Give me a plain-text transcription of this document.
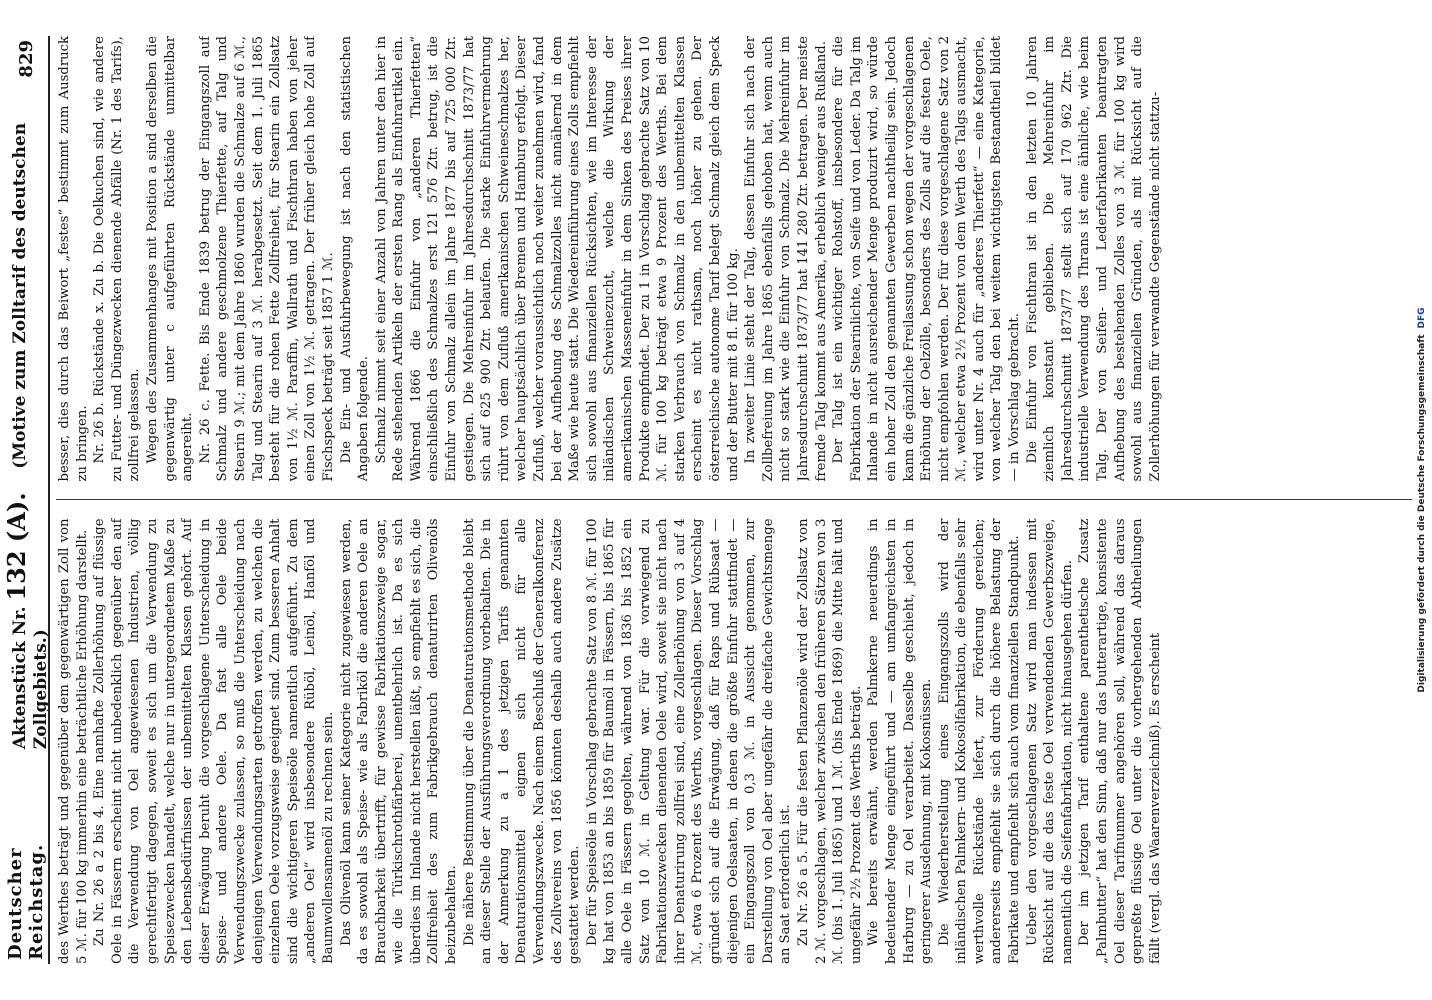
Deutscher Reichstag.
Aktenstück Nr. 132 (A).    (Motive zum Zolltarif des deutschen Zollgebiets.)
829

des Werthes beträgt und gegenüber dem gegenwärtigen Zoll von 5 ℳ. für 100 kg immerhin eine beträchtliche Erhöhung darstellt. Zu Nr. 26 a 2 bis 4. Eine namhafte Zollerhöhung auf flüssige Oele in Fässern erscheint nicht unbedenklich gegenüber den auf die Verwendung von Oel angewiesenen Industrien, völlig gerechtfertigt dagegen, soweit es sich um die Verwendung zu Speisezwecken handelt, welche nur in untergeordnetem Maße zu den Lebensbedürfnissen der unbemittelten Klassen gehört. Auf dieser Erwägung beruht die vorgeschlagene Unterscheidung in Speise- und andere Oele. Da fast alle Oele beide Verwendungszwecke zulassen, so muß die Unterscheidung nach denjenigen Verwendungsarten getroffen werden, zu welchen die einzelnen Oele vorzugsweise geeignet sind. Zum besseren Anhalt sind die wichtigeren Speiseöle namentlich aufgeführt. Zu dem „anderen Oel“ wird insbesondere Rüböl, Leinöl, Hanföl und Baumwollensamenöl zu rechnen sein. Das Olivenöl kann seiner Kategorie nicht zugewiesen werden, da es sowohl als Speise- wie als Fabriköl die anderen Oele an Brauchbarkeit übertrifft, für gewisse Fabrikationszweige sogar, wie die Türkischrothfärberei, unentbehrlich ist. Da es sich überdies im Inlande nicht herstellen läßt, so empfiehlt es sich, die Zollfreiheit des zum Fabrikgebrauch denaturirten Olivenöls beizubehalten. Die nähere Bestimmung über die Denaturationsmethode bleibt an dieser Stelle der Ausführungsverordnung vorbehalten. Die in der Anmerkung zu a 1 des jetzigen Tarifs genannten Denaturationsmittel eignen sich nicht für alle Verwendungszwecke. Nach einem Beschluß der Generalkonferenz des Zollvereins von 1856 könnten deshalb auch andere Zusätze gestattet werden. Der für Speiseöle in Vorschlag gebrachte Satz von 8 ℳ. für 100 kg hat von 1853 an bis 1859 für Baumöl in Fässern, bis 1865 für alle Oele in Fässern gegolten, während von 1836 bis 1852 ein Satz von 10 ℳ. in Geltung war. Für die vorwiegend zu Fabrikationszwecken dienenden Oele wird, soweit sie nicht nach ihrer Denaturirung zollfrei sind, eine Zollerhöhung von 3 auf 4 ℳ., etwa 6 Prozent des Werths, vorgeschlagen. Dieser Vorschlag gründet sich auf die Erwägung, daß für Raps und Rübsaat — diejenigen Oelsaaten, in denen die größte Einfuhr stattfindet — ein Eingangszoll von 0,3 ℳ. in Aussicht genommen, zur Darstellung von Oel aber ungefähr die dreifache Gewichtsmenge an Saat erforderlich ist. Zu Nr. 26 a 5. Für die festen Pflanzenöle wird der Zollsatz von 2 ℳ. vorgeschlagen, welcher zwischen den früheren Sätzen von 3 ℳ. (bis 1. Juli 1865) und 1 ℳ. (bis Ende 1869) die Mitte hält und ungefähr 2½ Prozent des Werths beträgt. Wie bereits erwähnt, werden Palmkerne neuerdings in bedeutender Menge eingeführt und — am umfangreichsten in Harburg — zu Oel verarbeitet. Dasselbe geschieht, jedoch in geringerer Ausdehnung, mit Kokosnüssen. Die Wiederherstellung eines Eingangszolls wird der inländischen Palmkern- und Kokosölfabrikation, die ebenfalls sehr werthvolle Rückstände liefert, zur Förderung gereichen; andererseits empfiehlt sie sich durch die höhere Belastung der Fabrikate und empfiehlt sich auch vom finanziellen Standpunkt. Ueber den vorgeschlagenen Satz wird man indessen mit Rücksicht auf die das feste Oel verwendenden Gewerbszweige, namentlich die Seifenfabrikation, nicht hinausgehen dürfen. Der im jetzigen Tarif enthaltene parenthetische Zusatz „Palmbutter“ hat den Sinn, daß nur das butterartige, konsistente Oel dieser Tarifnummer angehören soll, während das daraus gepreßte flüssige Oel unter die vorhergehenden Abtheilungen fällt (vergl. das Waarenverzeichniß). Es erscheint

besser, dies durch das Beiwort „festes“ bestimmt zum Ausdruck zu bringen. Nr. 26 b. Rückstände x. Zu b. Die Oelkuchen sind, wie andere zu Futter- und Düngezwecken dienende Abfälle (Nr. 1 des Tarifs), zollfrei gelassen. Wegen des Zusammenhanges mit Position a sind derselben die gegenwärtig unter c aufgeführten Rückstände unmittelbar angereiht. Nr. 26 c. Fette. Bis Ende 1839 betrug der Eingangszoll auf Schmalz und andere geschmolzene Thierfette, auf Talg und Stearin 9 ℳ.; mit dem Jahre 1860 wurden die Schmalze auf 6 ℳ., Talg und Stearin auf 3 ℳ. herabgesetzt. Seit dem 1. Juli 1865 besteht für die rohen Fette Zollfreiheit, für Stearin ein Zollsatz von 1½ ℳ. Paraffin, Wallrath und Fischthran haben von jeher einen Zoll von 1½ ℳ. getragen. Der früher gleich hohe Zoll auf Fischspeck beträgt seit 1857 1 ℳ. Die Ein- und Ausfuhrbewegung ist nach den statistischen Angaben folgende. Schmalz nimmt seit einer Anzahl von Jahren unter den hier in Rede stehenden Artikeln der ersten Rang als Einfuhrartikel ein. Während 1866 die Einfuhr von „anderen Thierfetten“ einschließlich des Schmalzes erst 121 576 Ztr. betrug, ist die Einfuhr von Schmalz allein im Jahre 1877 bis auf 725 000 Ztr. gestiegen. Die Mehreinfuhr im Jahresdurchschnitt 1873/77 hat sich auf 625 900 Ztr. belaufen. Die starke Einfuhrvermehrung rührt von dem Zufluß amerikanischen Schweineschmalzes her, welcher hauptsächlich über Bremen und Hamburg erfolgt. Dieser Zufluß, welcher voraussichtlich noch weiter zunehmen wird, fand bei der Aufhebung des Schmalzzolles nicht annähernd in dem Maße wie heute statt. Die Wiedereinführung eines Zolls empfiehlt sich sowohl aus finanziellen Rücksichten, wie im Interesse der inländischen Schweinezucht, welche die Wirkung der amerikanischen Masseneinfuhr in dem Sinken des Preises ihrer Produkte empfindet. Der zu 1 in Vorschlag gebrachte Satz von 10 ℳ. für 100 kg beträgt etwa 9 Prozent des Werths. Bei dem starken Verbrauch von Schmalz in den unbemittelten Klassen erscheint es nicht rathsam, noch höher zu gehen. Der österreichische autonome Tarif belegt Schmalz gleich dem Speck und der Butter mit 8 fl. für 100 kg. In zweiter Linie steht der Talg, dessen Einfuhr sich nach der Zollbefreiung im Jahre 1865 ebenfalls gehoben hat, wenn auch nicht so stark wie die Einfuhr von Schmalz. Die Mehreinfuhr im Jahresdurchschnitt 1873/77 hat 141 280 Ztr. betragen. Der meiste fremde Talg kommt aus Amerika, erheblich weniger aus Rußland. Der Talg ist ein wichtiger Rohstoff, insbesondere für die Fabrikation der Stearinlichte, von Seife und von Leder. Da Talg im Inlande in nicht ausreichender Menge produzirt wird, so würde ein hoher Zoll den genannten Gewerben nachtheilig sein. Jedoch kann die gänzliche Freilassung schon wegen der vorgeschlagenen Erhöhung der Oelzölle, besonders des Zolls auf die festen Oele, nicht empfohlen werden. Der für diese vorgeschlagene Satz von 2 ℳ., welcher etwa 2½ Prozent von dem Werth des Talgs ausmacht, wird unter Nr. 4 auch für „anderes Thierfett“ — eine Kategorie, von welcher Talg den bei weitem wichtigsten Bestandtheil bildet — in Vorschlag gebracht. Die Einfuhr von Fischthran ist in den letzten 10 Jahren ziemlich konstant geblieben. Die Mehreinfuhr im Jahresdurchschnitt 1873/77 stellt sich auf 170 962 Ztr. Die industrielle Verwendung des Thrans ist eine ähnliche, wie beim Talg. Der von Seifen- und Lederfabrikanten beantragten Aufhebung des bestehenden Zolles von 3 ℳ. für 100 kg wird sowohl aus finanziellen Gründen, als mit Rücksicht auf die Zollerhöhungen für verwandte Gegenstände nicht stattzu-

Digitalisierung gefördert durch die Deutsche Forschungsgemeinschaft
DFG
